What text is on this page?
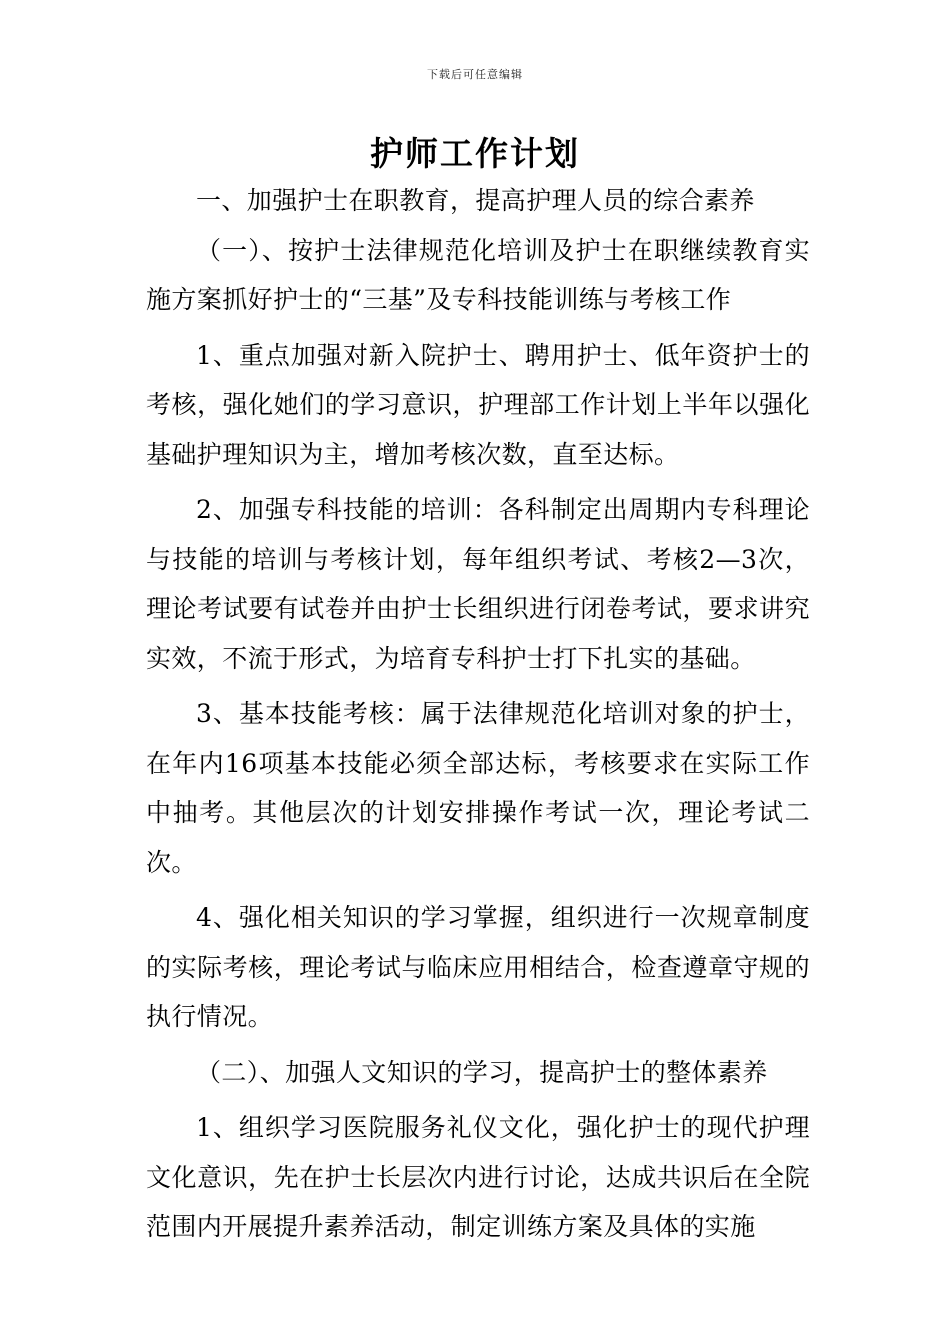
下载后可任意编辑
护师工作计划

一、加强护士在职教育，提高护理人员的综合素养

（一）、按护士法律规范化培训及护士在职继续教育实施方案抓好护士的“三基”及专科技能训练与考核工作

1、重点加强对新入院护士、聘用护士、低年资护士的考核，强化她们的学习意识，护理部工作计划上半年以强化基础护理知识为主，增加考核次数，直至达标。

2、加强专科技能的培训：各科制定出周期内专科理论与技能的培训与考核计划，每年组织考试、考核2—3次，理论考试要有试卷并由护士长组织进行闭卷考试，要求讲究实效，不流于形式，为培育专科护士打下扎实的基础。

3、基本技能考核：属于法律规范化培训对象的护士，在年内16项基本技能必须全部达标，考核要求在实际工作中抽考。其他层次的计划安排操作考试一次，理论考试二次。

4、强化相关知识的学习掌握，组织进行一次规章制度的实际考核，理论考试与临床应用相结合，检查遵章守规的执行情况。

（二）、加强人文知识的学习，提高护士的整体素养

1、组织学习医院服务礼仪文化，强化护士的现代护理文化意识，先在护士长层次内进行讨论，达成共识后在全院范围内开展提升素养活动，制定训练方案及具体的实施
